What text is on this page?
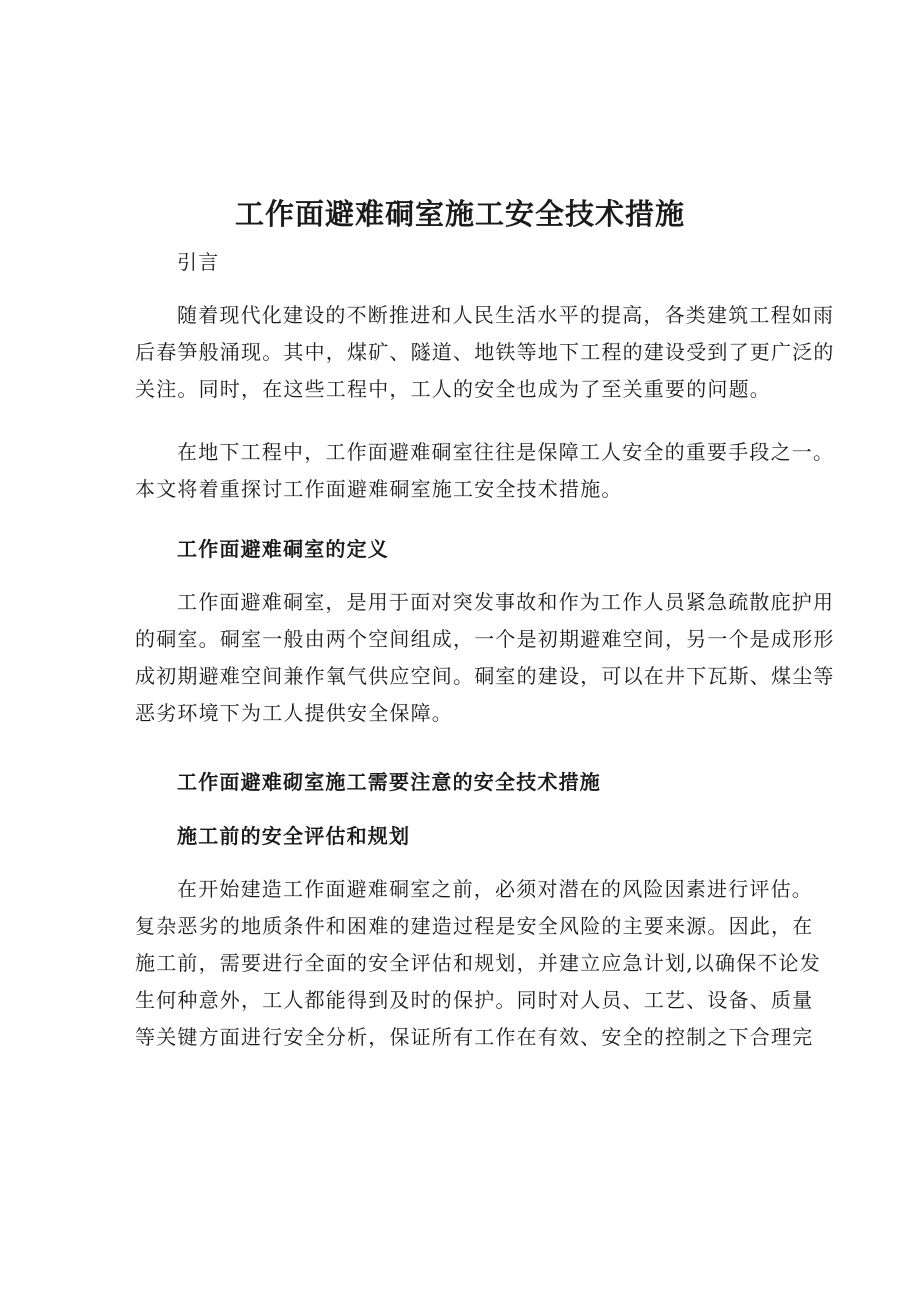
工作面避难硐室施工安全技术措施

引言

随着现代化建设的不断推进和人民生活水平的提高，各类建筑工程如雨
后春笋般涌现。其中，煤矿、隧道、地铁等地下工程的建设受到了更广泛的
关注。同时，在这些工程中，工人的安全也成为了至关重要的问题。

在地下工程中，工作面避难硐室往往是保障工人安全的重要手段之一。
本文将着重探讨工作面避难硐室施工安全技术措施。

工作面避难硐室的定义

工作面避难硐室，是用于面对突发事故和作为工作人员紧急疏散庇护用
的硐室。硐室一般由两个空间组成，一个是初期避难空间，另一个是成形形
成初期避难空间兼作氧气供应空间。硐室的建设，可以在井下瓦斯、煤尘等
恶劣环境下为工人提供安全保障。

工作面避难砌室施工需要注意的安全技术措施

施工前的安全评估和规划

在开始建造工作面避难硐室之前，必须对潜在的风险因素进行评估。
复杂恶劣的地质条件和困难的建造过程是安全风险的主要来源。因此，在
施工前，需要进行全面的安全评估和规划，并建立应急计划,以确保不论发
生何种意外，工人都能得到及时的保护。同时对人员、工艺、设备、质量
等关键方面进行安全分析，保证所有工作在有效、安全的控制之下合理完
